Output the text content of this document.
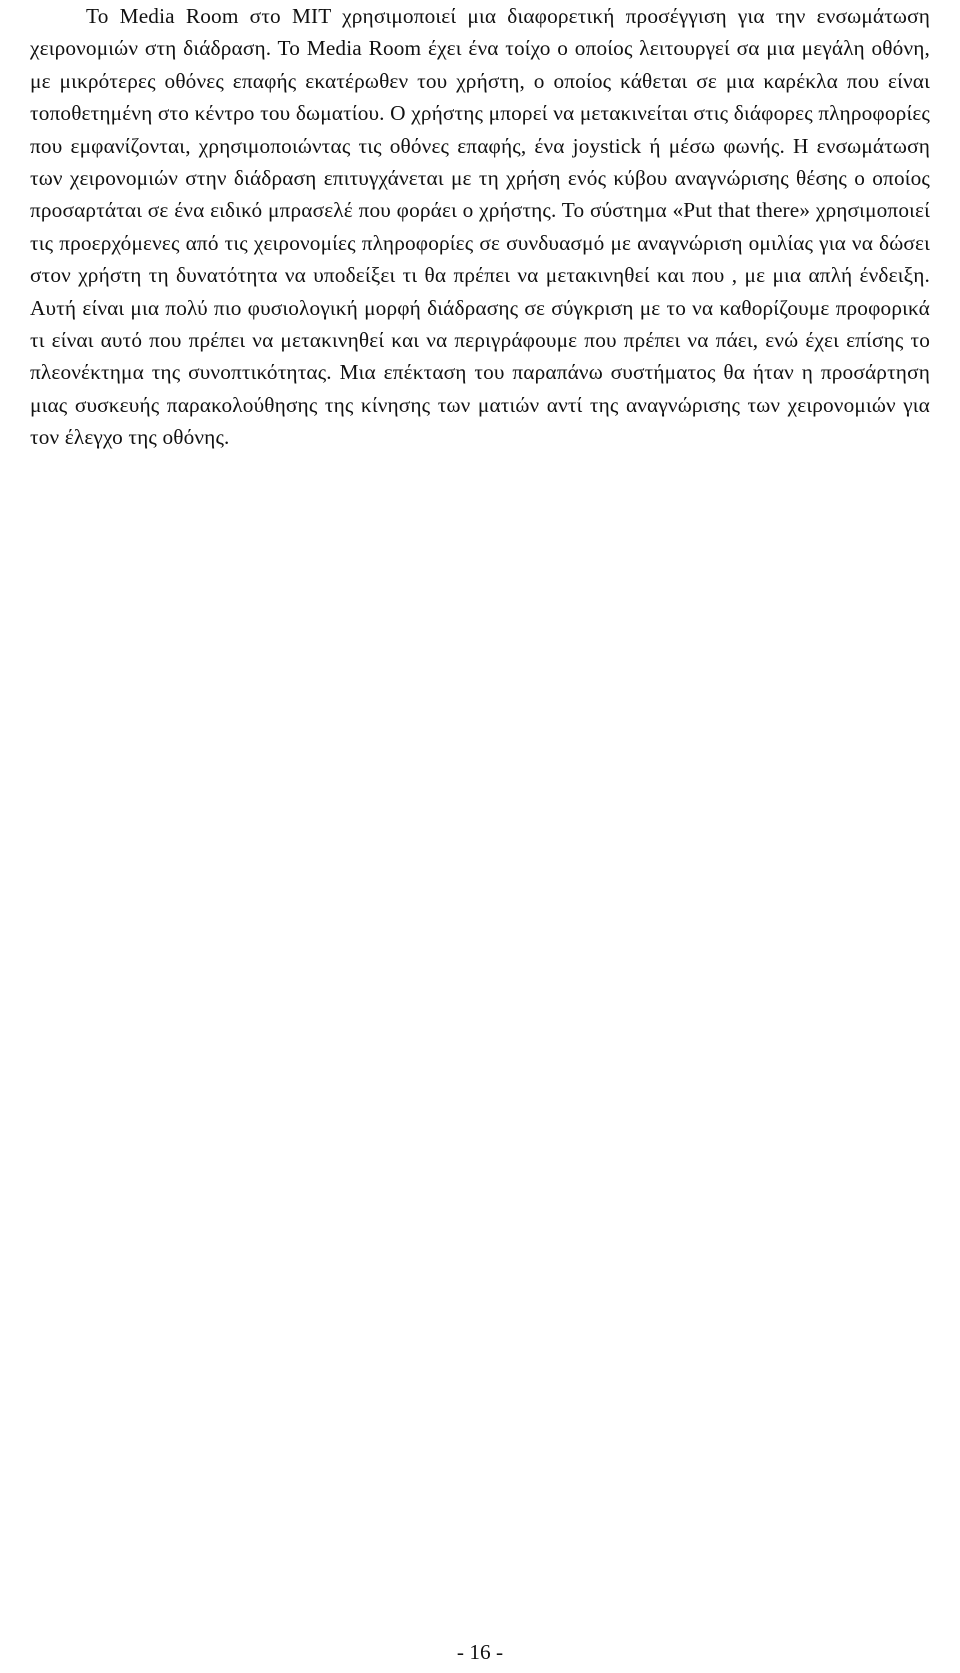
Το Media Room στο MIT χρησιμοποιεί μια διαφορετική προσέγγιση για την ενσωμάτωση χειρονομιών στη διάδραση. Το Media Room έχει ένα τοίχο ο οποίος λειτουργεί σα μια μεγάλη οθόνη, με μικρότερες οθόνες επαφής εκατέρωθεν του χρήστη, ο οποίος κάθεται σε μια καρέκλα που είναι τοποθετημένη στο κέντρο του δωματίου. Ο χρήστης μπορεί να μετακινείται στις διάφορες πληροφορίες που εμφανίζονται, χρησιμοποιώντας τις οθόνες επαφής, ένα joystick ή μέσω φωνής. Η ενσωμάτωση των χειρονομιών στην διάδραση επιτυγχάνεται με τη χρήση ενός κύβου αναγνώρισης θέσης ο οποίος προσαρτάται σε ένα ειδικό μπρασελέ που φοράει ο χρήστης. Το σύστημα «Put that there» χρησιμοποιεί τις προερχόμενες από τις χειρονομίες πληροφορίες σε συνδυασμό με αναγνώριση ομιλίας για να δώσει στον χρήστη τη δυνατότητα να υποδείξει τι θα πρέπει να μετακινηθεί και που , με μια απλή ένδειξη. Αυτή είναι μια πολύ πιο φυσιολογική μορφή διάδρασης σε σύγκριση με το να καθορίζουμε προφορικά τι είναι αυτό που πρέπει να μετακινηθεί και να περιγράφουμε που πρέπει να πάει, ενώ έχει επίσης το πλεονέκτημα της συνοπτικότητας. Μια επέκταση του παραπάνω συστήματος θα ήταν η προσάρτηση μιας συσκευής παρακολούθησης της κίνησης των ματιών αντί της αναγνώρισης των χειρονομιών για τον έλεγχο της οθόνης.

- 16 -
